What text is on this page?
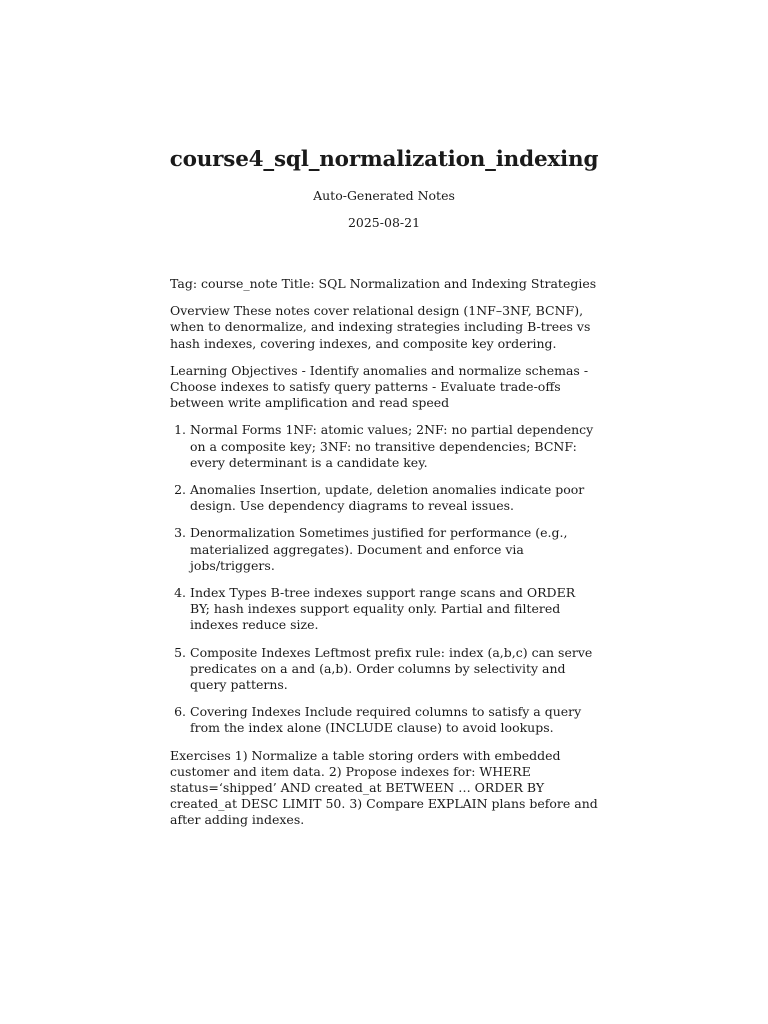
course4_sql_normalization_indexing
Auto-Generated Notes
2025-08-21

Tag: course_note Title: SQL Normalization and Indexing Strategies

Overview These notes cover relational design (1NF–3NF, BCNF), when to denormalize, and indexing strategies including B-trees vs hash indexes, covering indexes, and composite key ordering.

Learning Objectives - Identify anomalies and normalize schemas - Choose indexes to satisfy query patterns - Evaluate trade-offs between write amplification and read speed

1. Normal Forms 1NF: atomic values; 2NF: no partial dependency on a composite key; 3NF: no transitive dependencies; BCNF: every determinant is a candidate key.
2. Anomalies Insertion, update, deletion anomalies indicate poor design. Use dependency diagrams to reveal issues.
3. Denormalization Sometimes justified for performance (e.g., materialized aggregates). Document and enforce via jobs/triggers.
4. Index Types B-tree indexes support range scans and ORDER BY; hash indexes support equality only. Partial and filtered indexes reduce size.
5. Composite Indexes Leftmost prefix rule: index (a,b,c) can serve predicates on a and (a,b). Order columns by selectivity and query patterns.
6. Covering Indexes Include required columns to satisfy a query from the index alone (INCLUDE clause) to avoid lookups.

Exercises 1) Normalize a table storing orders with embedded customer and item data. 2) Propose indexes for: WHERE status=‘shipped’ AND created_at BETWEEN … ORDER BY created_at DESC LIMIT 50. 3) Compare EXPLAIN plans before and after adding indexes.
